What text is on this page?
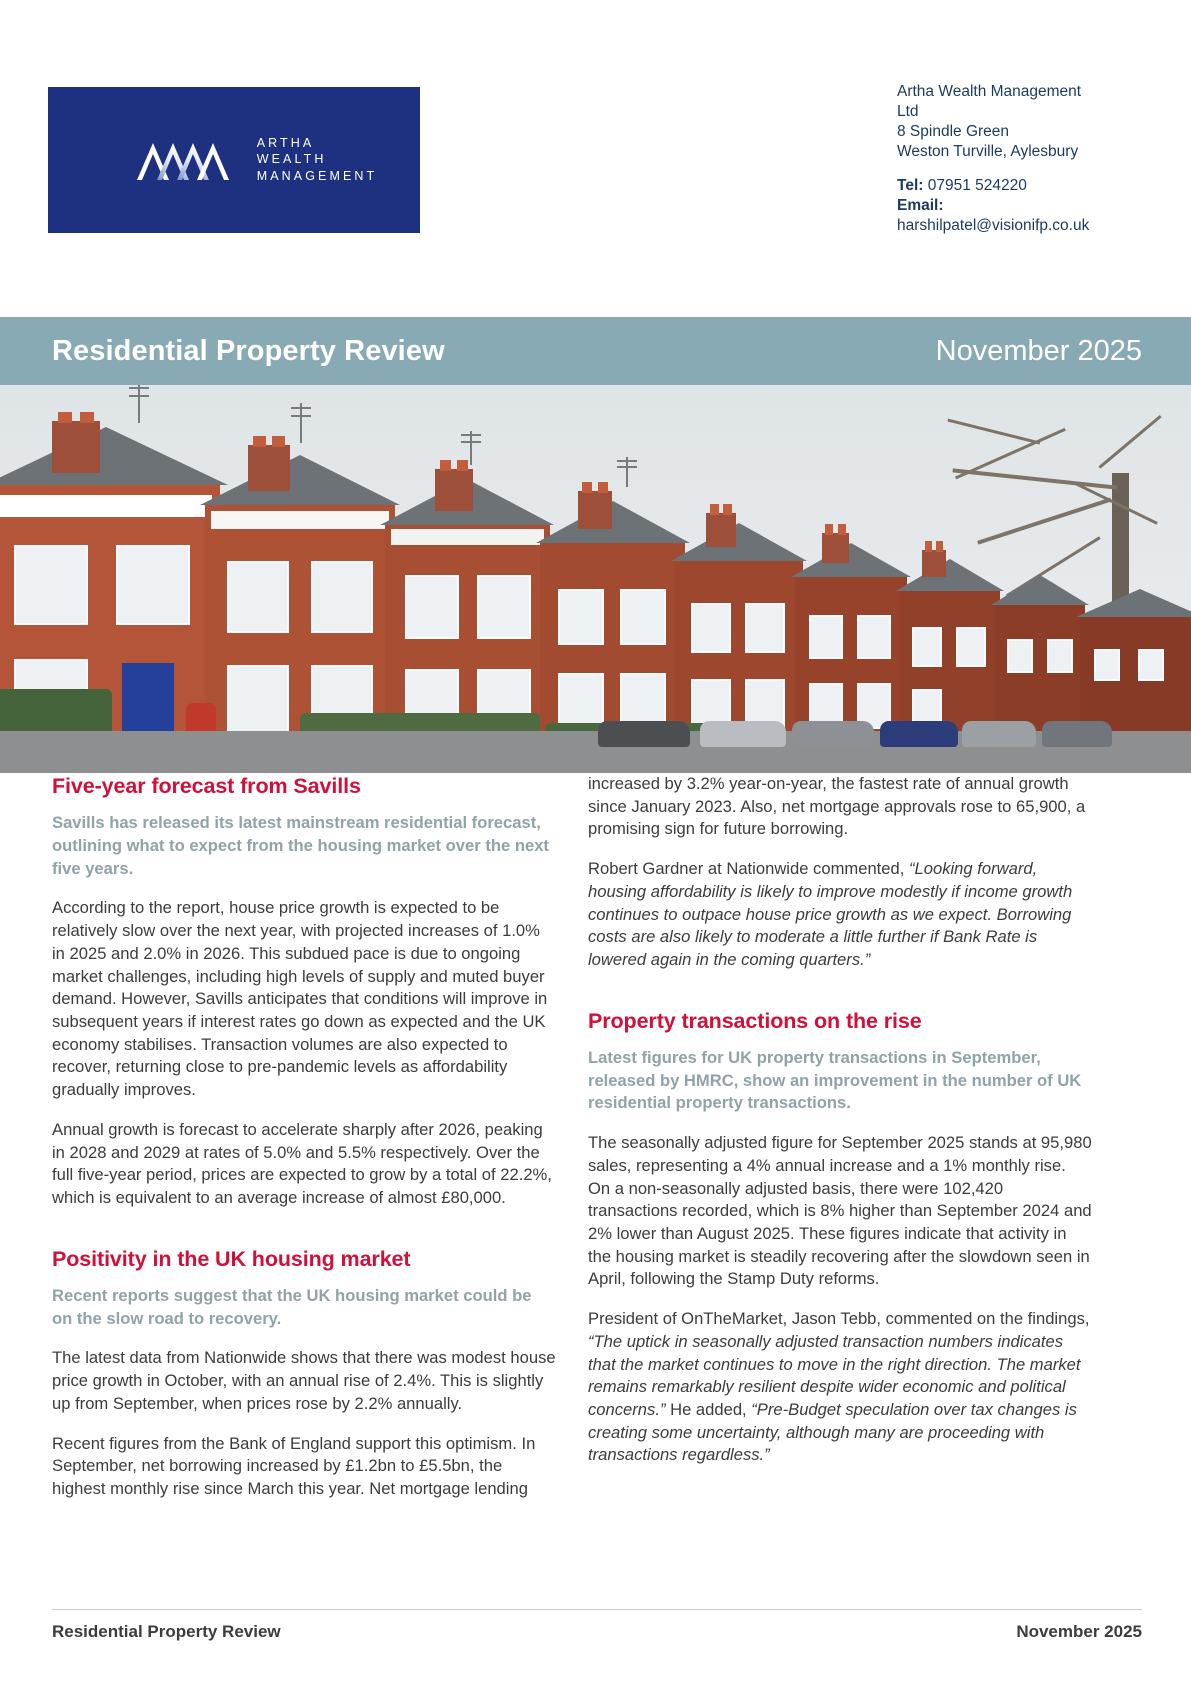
ARTHA
WEALTH
MANAGEMENT
Artha Wealth Management
Ltd
8 Spindle Green
Weston Turville, Aylesbury
Tel: 07951 524220
Email:
harshilpatel@visionifp.co.uk
Residential Property Review	November 2025
Five-year forecast from Savills

Savills has released its latest mainstream residential forecast, outlining what to expect from the housing market over the next five years.

According to the report, house price growth is expected to be relatively slow over the next year, with projected increases of 1.0% in 2025 and 2.0% in 2026. This subdued pace is due to ongoing market challenges, including high levels of supply and muted buyer demand. However, Savills anticipates that conditions will improve in subsequent years if interest rates go down as expected and the UK economy stabilises. Transaction volumes are also expected to recover, returning close to pre-pandemic levels as affordability gradually improves.

Annual growth is forecast to accelerate sharply after 2026, peaking in 2028 and 2029 at rates of 5.0% and 5.5% respectively. Over the full five-year period, prices are expected to grow by a total of 22.2%, which is equivalent to an average increase of almost £80,000.

Positivity in the UK housing market

Recent reports suggest that the UK housing market could be on the slow road to recovery.

The latest data from Nationwide shows that there was modest house price growth in October, with an annual rise of 2.4%. This is slightly up from September, when prices rose by 2.2% annually.

Recent figures from the Bank of England support this optimism. In September, net borrowing increased by £1.2bn to £5.5bn, the highest monthly rise since March this year. Net mortgage lending

increased by 3.2% year-on-year, the fastest rate of annual growth since January 2023. Also, net mortgage approvals rose to 65,900, a promising sign for future borrowing.

Robert Gardner at Nationwide commented, “Looking forward, housing affordability is likely to improve modestly if income growth continues to outpace house price growth as we expect. Borrowing costs are also likely to moderate a little further if Bank Rate is lowered again in the coming quarters.”

Property transactions on the rise

Latest figures for UK property transactions in September, released by HMRC, show an improvement in the number of UK residential property transactions.

The seasonally adjusted figure for September 2025 stands at 95,980 sales, representing a 4% annual increase and a 1% monthly rise. On a non-seasonally adjusted basis, there were 102,420 transactions recorded, which is 8% higher than September 2024 and 2% lower than August 2025. These figures indicate that activity in the housing market is steadily recovering after the slowdown seen in April, following the Stamp Duty reforms.

President of OnTheMarket, Jason Tebb, commented on the findings, “The uptick in seasonally adjusted transaction numbers indicates that the market continues to move in the right direction. The market remains remarkably resilient despite wider economic and political concerns.” He added, “Pre-Budget speculation over tax changes is creating some uncertainty, although many are proceeding with transactions regardless.”

Residential Property Review	November 2025
